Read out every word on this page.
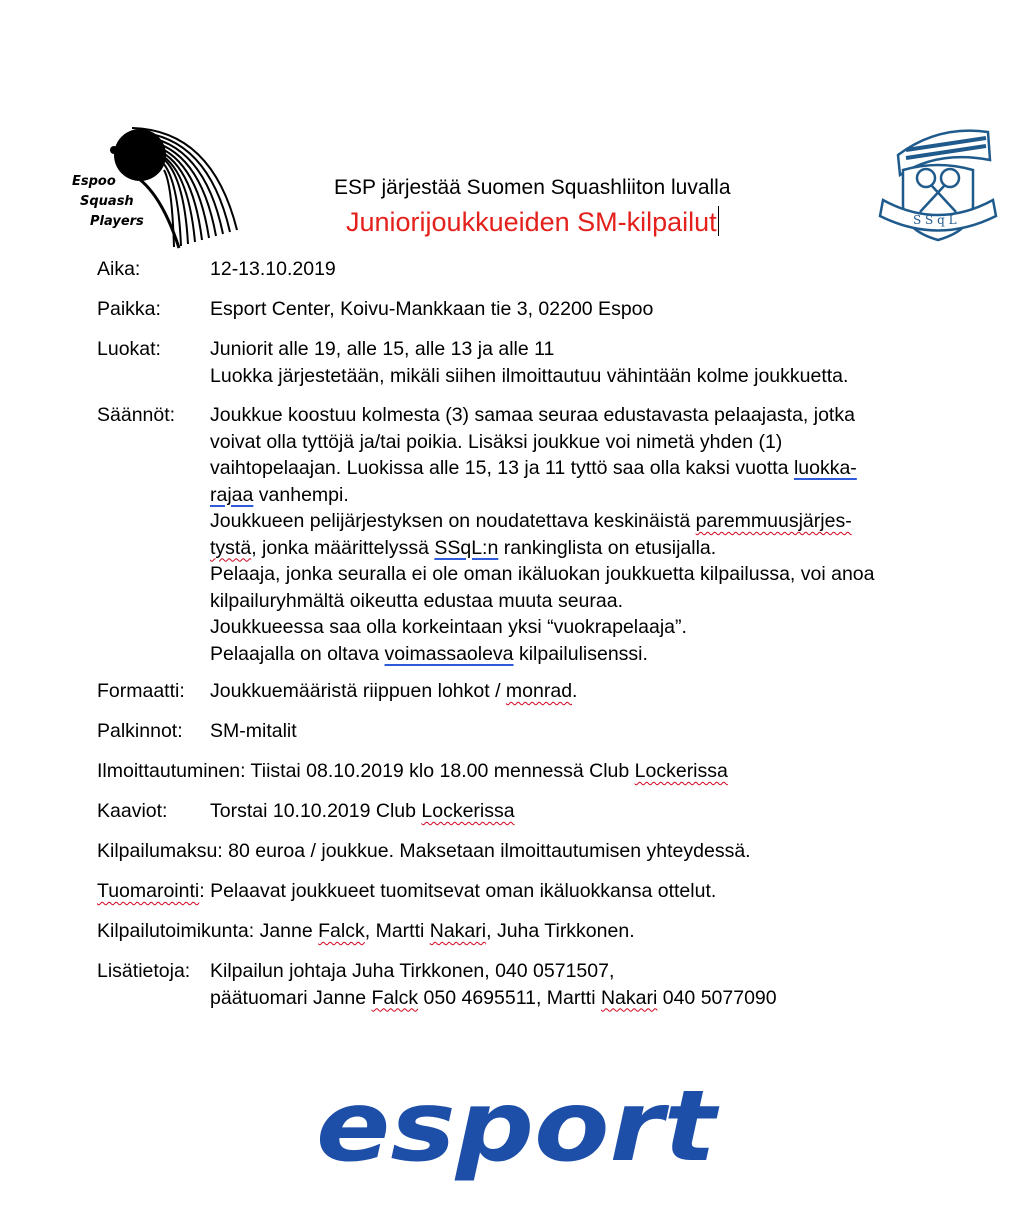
Espoo
Squash
Players
ESP järjestää Suomen Squashliiton luvalla
Juniorijoukkueiden SM-kilpailut	S S q L
Aika:	12-13.10.2019
Paikka:	Esport Center, Koivu-Mankkaan tie 3, 02200 Espoo
Luokat:	Juniorit alle 19, alle 15, alle 13 ja alle 11
Luokka järjestetään, mikäli siihen ilmoittautuu vähintään kolme joukkuetta.
Säännöt: Joukkue koostuu kolmesta (3) samaa seuraa edustavasta pelaajasta, jotka
voivat olla tyttöjä ja/tai poikia. Lisäksi joukkue voi nimetä yhden (1)
vaihtopelaajan. Luokissa alle 15, 13 ja 11 tyttö saa olla kaksi vuotta luokka-
rajaa vanhempi.
Joukkueen pelijärjestyksen on noudatettava keskinäistä paremmuusjärjes-
tystä, jonka määrittelyssä SSqL:n rankinglista on etusijalla.
Pelaaja, jonka seuralla ei ole oman ikäluokan joukkuetta kilpailussa, voi anoa
kilpailuryhmältä oikeutta edustaa muuta seuraa.
Joukkueessa saa olla korkeintaan yksi “vuokrapelaaja”.
Pelaajalla on oltava voimassaoleva kilpailulisenssi.
Formaatti: Joukkuemääristä riippuen lohkot / monrad.
Palkinnot: SM-mitalit
Ilmoittautuminen: Tiistai 08.10.2019 klo 18.00 mennessä Club Lockerissa
Kaaviot: Torstai 10.10.2019 Club Lockerissa
Kilpailumaksu: 80 euroa / joukkue. Maksetaan ilmoittautumisen yhteydessä.
Tuomarointi: Pelaavat joukkueet tuomitsevat oman ikäluokkansa ottelut.
Kilpailutoimikunta: Janne Falck, Martti Nakari, Juha Tirkkonen.
Lisätietoja: Kilpailun johtaja Juha Tirkkonen, 040 0571507,
päätuomari Janne Falck 050 4695511, Martti Nakari 040 5077090
esport
